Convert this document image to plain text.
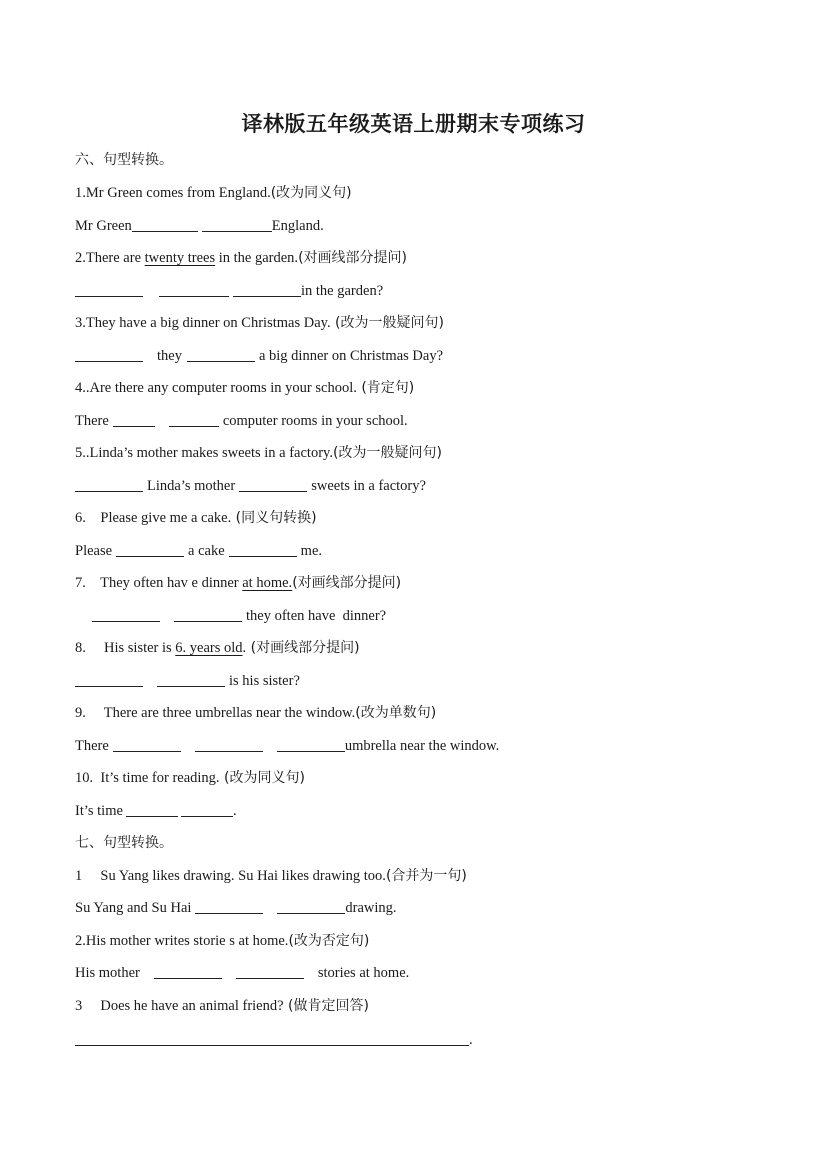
译林版五年级英语上册期末专项练习
六、句型转换。
1.Mr Green comes from England.(改为同义句)
Mr Green	England.
2.There are twenty trees in the garden.(对画线部分提问)
in the garden?
3.They have a big dinner on Christmas Day. (改为一般疑问句)
they	a big dinner on Christmas Day?
4..Are there any computer rooms in your school. (肯定句)
There	computer rooms in your school.
5..Linda’s mother makes sweets in a factory.(改为一般疑问句)
Linda’s mother	sweets in a factory?
6.    Please give me a cake. (同义句转换)
Please	a cake	me.
7.    They often hav e dinner at home.(对画线部分提问)
they often have  dinner?
8.     His sister is 6. years old. (对画线部分提问)
is his sister?
9.     There are three umbrellas near the window.(改为单数句)
There	umbrella near the window.
10.  It’s time for reading. (改为同义句)
It’s time	.
七、句型转换。
1     Su Yang likes drawing. Su Hai likes drawing too.(合并为一句)
Su Yang and Su Hai	drawing.
2.His mother writes storie s at home.(改为否定句)
His mother	stories at home.
3     Does he have an animal friend? (做肯定回答)
.
